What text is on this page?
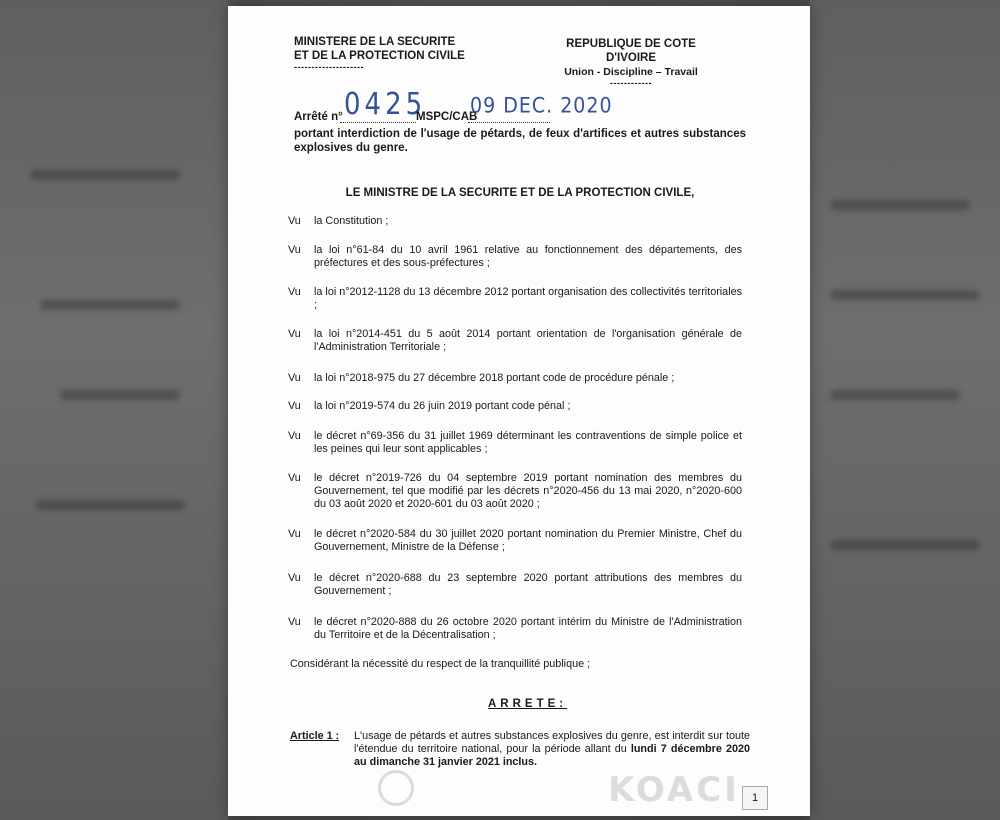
MINISTERE DE LA SECURITE
ET DE LA PROTECTION CIVILE
--------------------
REPUBLIQUE DE COTE D'IVOIRE
Union - Discipline – Travail
------------
Arrêté n° 0425
MSPC/CAB
09 DEC. 2020
portant interdiction de l'usage de pétards, de feux d'artifices et autres substances explosives du genre.
LE MINISTRE DE LA SECURITE ET DE LA PROTECTION CIVILE,
Vu la Constitution ;
Vu la loi n°61-84 du 10 avril 1961 relative au fonctionnement des départements, des préfectures et des sous-préfectures ;
Vu la loi n°2012-1128 du 13 décembre 2012 portant organisation des collectivités territoriales ;
Vu la loi n°2014-451 du 5 août 2014 portant orientation de l'organisation générale de l'Administration Territoriale ;
Vu la loi n°2018-975 du 27 décembre 2018 portant code de procédure pénale ;
Vu la loi n°2019-574 du 26 juin 2019 portant code pénal ;
Vu le décret n°69-356 du 31 juillet 1969 déterminant les contraventions de simple police et les peines qui leur sont applicables ;
Vu le décret n°2019-726 du 04 septembre 2019 portant nomination des membres du Gouvernement, tel que modifié par les décrets n°2020-456 du 13 mai 2020, n°2020-600 du 03 août 2020 et 2020-601 du 03 août 2020 ;
Vu le décret n°2020-584 du 30 juillet 2020 portant nomination du Premier Ministre, Chef du Gouvernement, Ministre de la Défense ;
Vu le décret n°2020-688 du 23 septembre 2020 portant attributions des membres du Gouvernement ;
Vu le décret n°2020-888 du 26 octobre 2020 portant intérim du Ministre de l'Administration du Territoire et de la Décentralisation ;
Considérant la nécessité du respect de la tranquillité publique ;
ARRETE:
Article 1 : L'usage de pétards et autres substances explosives du genre, est interdit sur toute l'étendue du territoire national, pour la période allant du lundi 7 décembre 2020 au dimanche 31 janvier 2021 inclus.
KOACI	1
